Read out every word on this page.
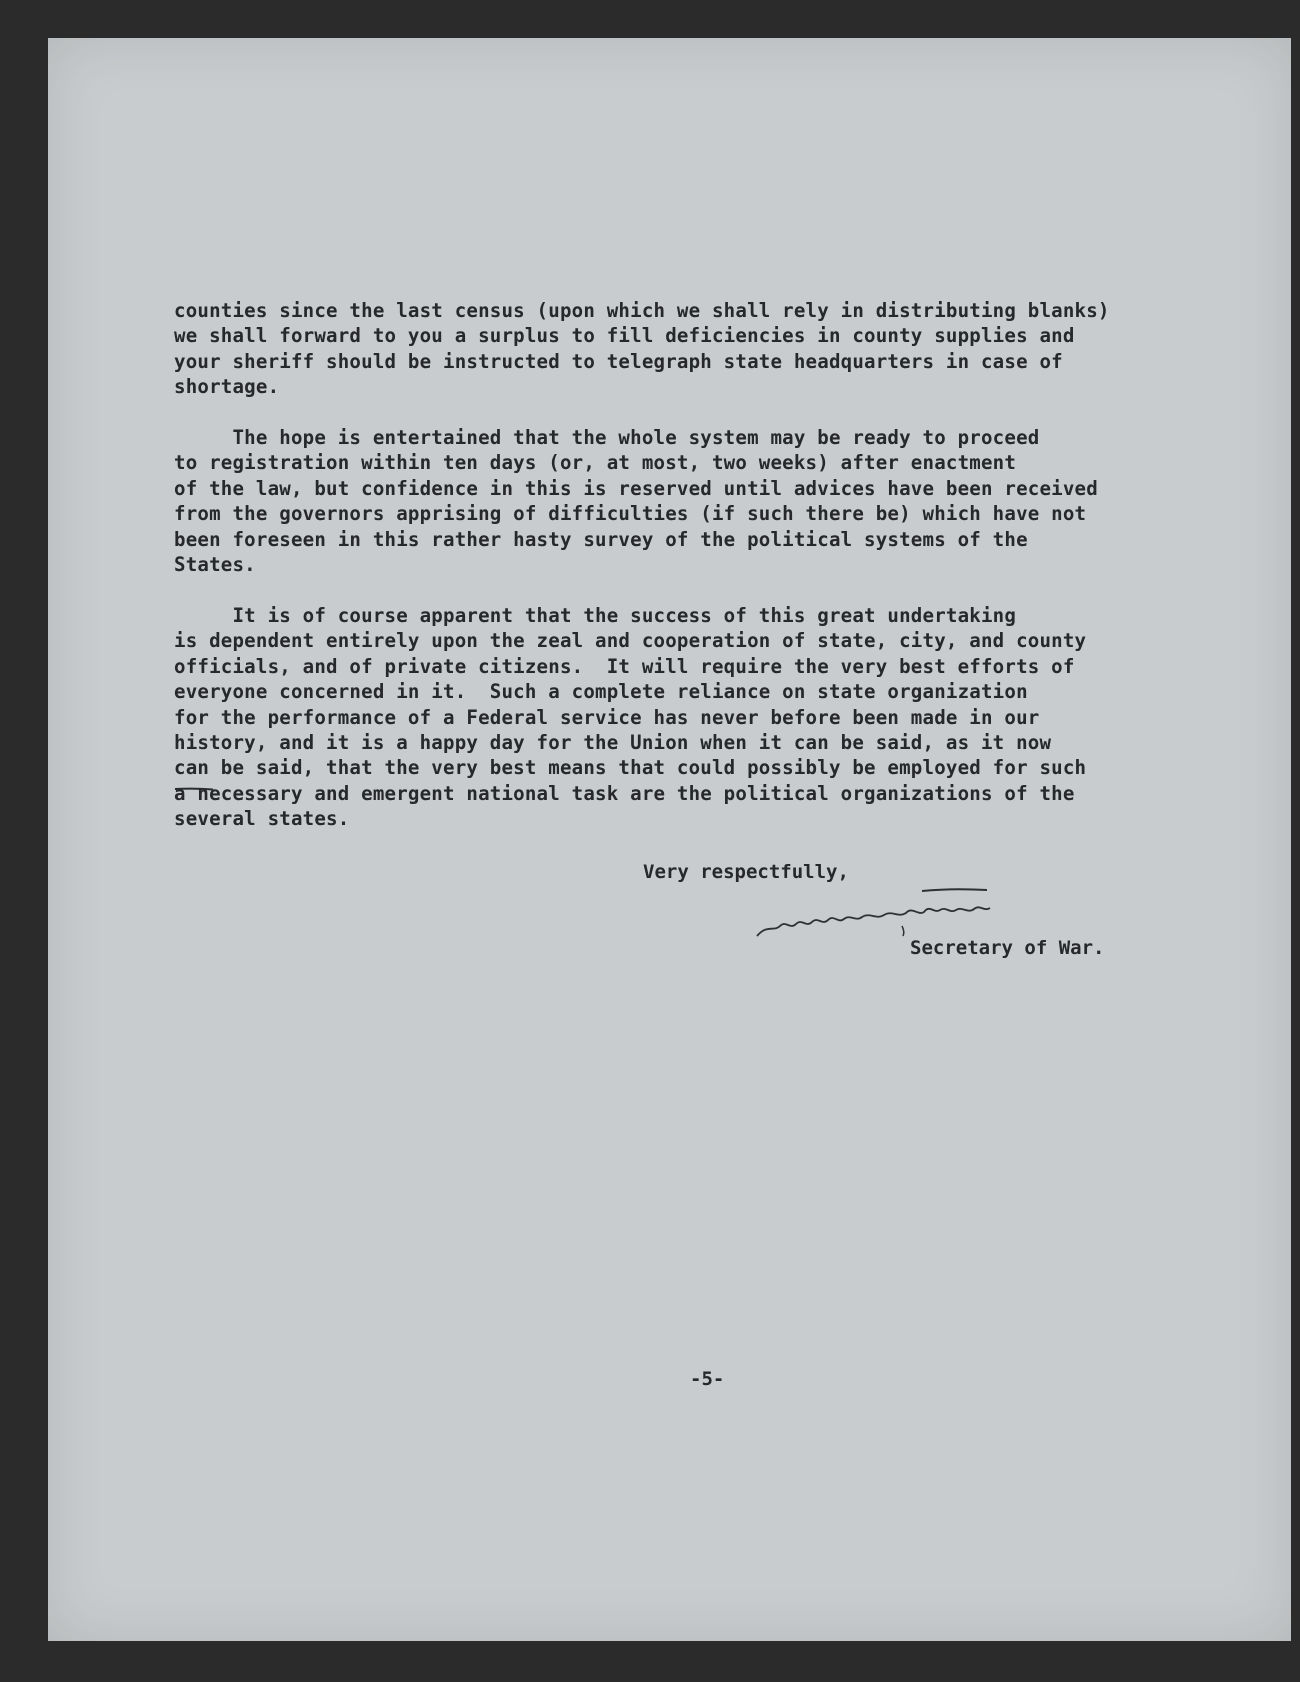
counties since the last census (upon which we shall rely in distributing blanks)
we shall forward to you a surplus to fill deficiencies in county supplies and
your sheriff should be instructed to telegraph state headquarters in case of
shortage.
The hope is entertained that the whole system may be ready to proceed
to registration within ten days (or, at most, two weeks) after enactment
of the law, but confidence in this is reserved until advices have been received
from the governors apprising of difficulties (if such there be) which have not
been foreseen in this rather hasty survey of the political systems of the
States.
It is of course apparent that the success of this great undertaking
is dependent entirely upon the zeal and cooperation of state, city, and county
officials, and of private citizens.  It will require the very best efforts of
everyone concerned in it.  Such a complete reliance on state organization
for the performance of a Federal service has never before been made in our
history, and it is a happy day for the Union when it can be said, as it now
can be said, that the very best means that could possibly be employed for such
a necessary and emergent national task are the political organizations of the
several states.
Very respectfully,
Secretary of War.
-5-
